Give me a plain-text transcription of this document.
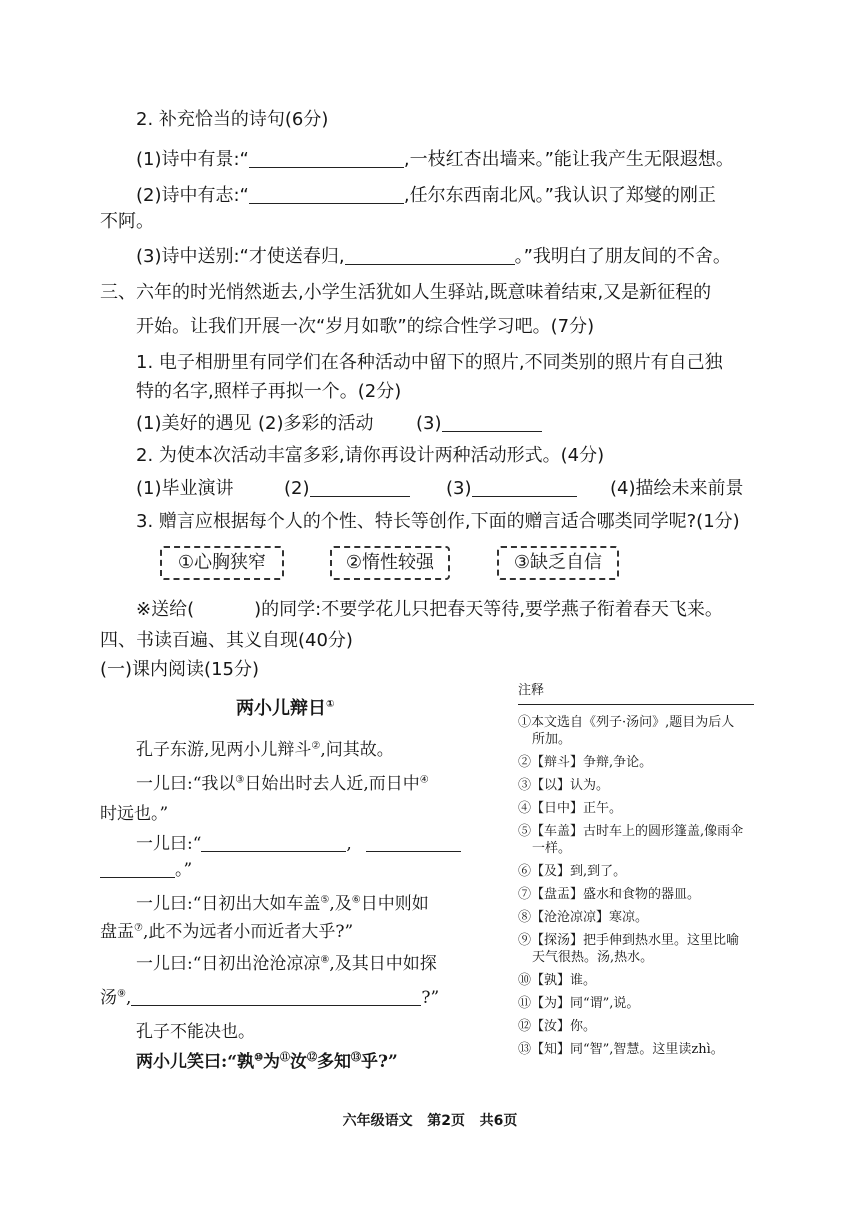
2. 补充恰当的诗句(6分)
(1)诗中有景:“	,一枝红杏出墙来。”能让我产生无限遐想。
(2)诗中有志:“	,任尔东西南北风。”我认识了郑燮的刚正
不阿。
(3)诗中送别:“才使送春归,	。”我明白了朋友间的不舍。
三、六年的时光悄然逝去,小学生活犹如人生驿站,既意味着结束,又是新征程的
开始。让我们开展一次“岁月如歌”的综合性学习吧。(7分)
1. 电子相册里有同学们在各种活动中留下的照片,不同类别的照片有自己独
特的名字,照样子再拟一个。(2分)
(1)美好的遇见 (2)多彩的活动 (3)
2. 为使本次活动丰富多彩,请你再设计两种活动形式。(4分)
(1)毕业演讲	(2)	(3)	(4)描绘未来前景
3. 赠言应根据每个人的个性、特长等创作,下面的赠言适合哪类同学呢?(1分)
①心胸狭窄	②惰性较强	③缺乏自信
※送给(	)的同学:不要学花儿只把春天等待,要学燕子衔着春天飞来。
四、书读百遍、其义自现(40分)
(一)课内阅读(15分)
两小儿辩日①
孔子东游,见两小儿辩斗②,问其故。
一儿曰:“我以③日始出时去人近,而日中④
时远也。”
一儿曰:“	,
。”
一儿曰:“日初出大如车盖⑤,及⑥日中则如
盘盂⑦,此不为远者小而近者大乎?”
一儿曰:“日初出沧沧凉凉⑧,及其日中如探
汤⑨,	?”
孔子不能决也。
两小儿笑曰:“孰⑩为⑪汝⑫多知⑬乎?”
注释
①本文选自《列子·汤问》,题目为后人
所加。
②【辩斗】争辩,争论。
③【以】认为。
④【日中】正午。
⑤【车盖】古时车上的圆形篷盖,像雨伞
一样。
⑥【及】到,到了。
⑦【盘盂】盛水和食物的器皿。
⑧【沧沧凉凉】寒凉。
⑨【探汤】把手伸到热水里。这里比喻
天气很热。汤,热水。
⑩【孰】谁。
⑪【为】同“谓”,说。
⑫【汝】你。
⑬【知】同“智”,智慧。这里读zhì。
六年级语文   第2页   共6页
